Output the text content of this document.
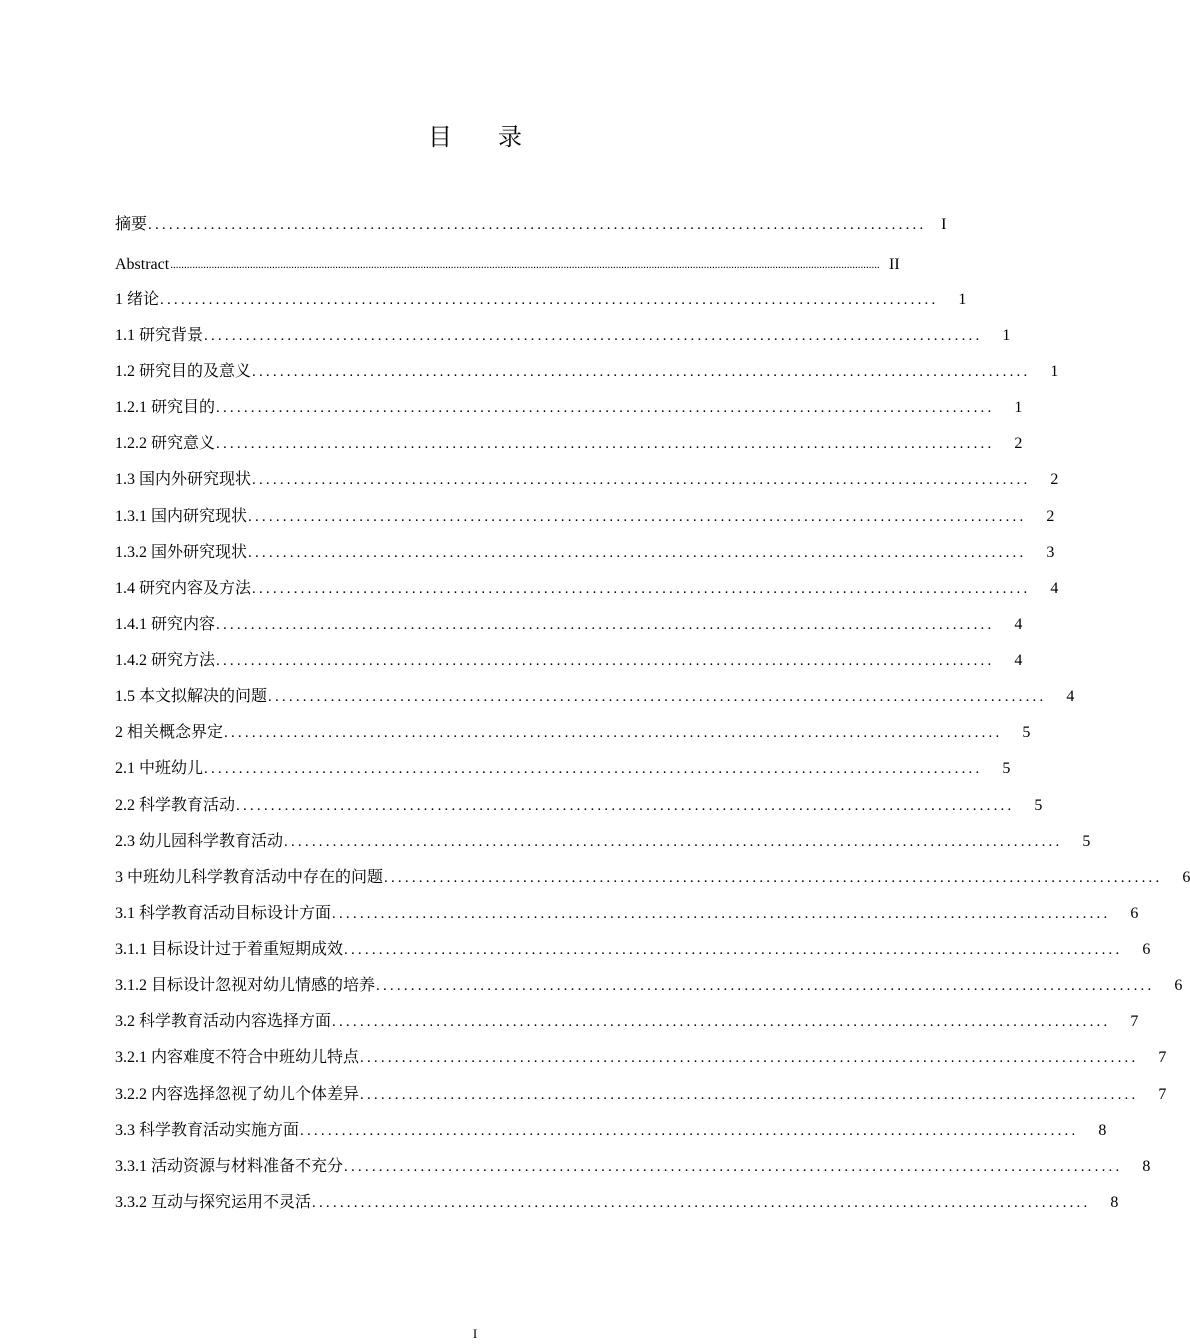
目 录
摘要 ................................................................................................................ I
Abstract .................................................................................................................................................................................................................................................................. II
1 绪论 ................................................................................................................	1
1.1 研究背景 ................................................................................................................	1
1.2 研究目的及意义 ................................................................................................................	1
1.2.1 研究目的 ................................................................................................................	1
1.2.2 研究意义 ................................................................................................................	2
1.3 国内外研究现状 ................................................................................................................	2
1.3.1 国内研究现状 ................................................................................................................	2
1.3.2 国外研究现状 ................................................................................................................	3
1.4 研究内容及方法 ................................................................................................................	4
1.4.1 研究内容 ................................................................................................................	4
1.4.2 研究方法 ................................................................................................................	4
1.5 本文拟解决的问题 ................................................................................................................	4
2 相关概念界定 ................................................................................................................	5
2.1 中班幼儿 ................................................................................................................	5
2.2 科学教育活动 ................................................................................................................	5
2.3 幼儿园科学教育活动 ................................................................................................................	5
3 中班幼儿科学教育活动中存在的问题 ................................................................................................................	6
3.1 科学教育活动目标设计方面 ................................................................................................................	6
3.1.1 目标设计过于着重短期成效 ................................................................................................................	6
3.1.2 目标设计忽视对幼儿情感的培养 ................................................................................................................	6
3.2 科学教育活动内容选择方面 ................................................................................................................	7
3.2.1 内容难度不符合中班幼儿特点 ................................................................................................................	7
3.2.2 内容选择忽视了幼儿个体差异 ................................................................................................................	7
3.3 科学教育活动实施方面 ................................................................................................................	8
3.3.1 活动资源与材料准备不充分 ................................................................................................................	8
3.3.2 互动与探究运用不灵活 ................................................................................................................	8
I
